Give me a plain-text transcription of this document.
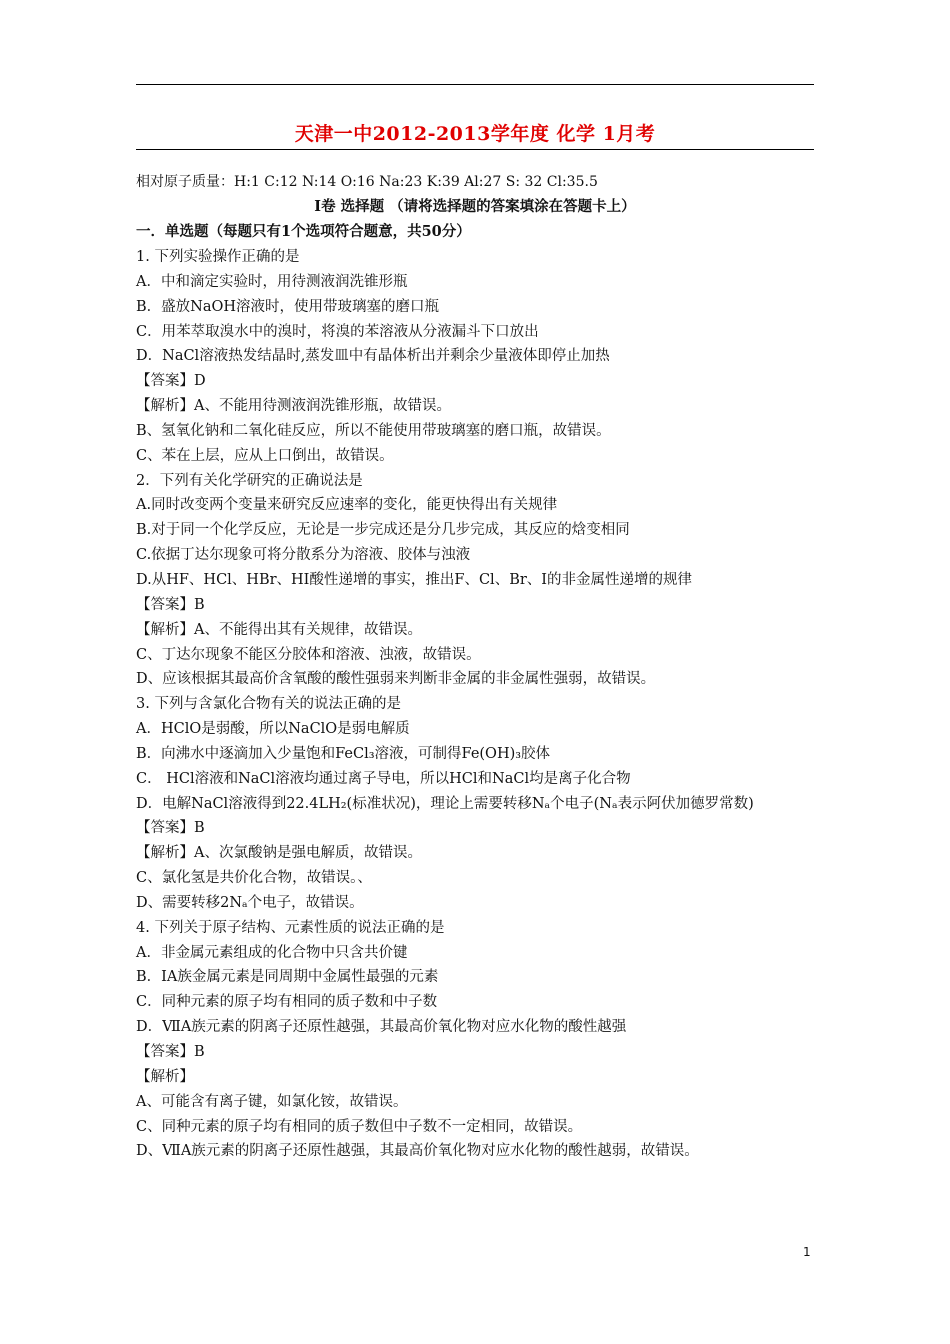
天津一中2012-2013学年度 化学 1月考
相对原子质量：H:1 C:12 N:14 O:16 Na:23 K:39 Al:27 S: 32 Cl:35.5
I卷 选择题 （请将选择题的答案填涂在答题卡上）
一．单选题（每题只有1个选项符合题意，共50分）
1. 下列实验操作正确的是
A．中和滴定实验时，用待测液润洗锥形瓶
B．盛放NaOH溶液时，使用带玻璃塞的磨口瓶
C．用苯萃取溴水中的溴时，将溴的苯溶液从分液漏斗下口放出
D．NaCl溶液热发结晶时,蒸发皿中有晶体析出并剩余少量液体即停止加热
【答案】D
【解析】A、不能用待测液润洗锥形瓶，故错误。
B、氢氧化钠和二氧化硅反应，所以不能使用带玻璃塞的磨口瓶，故错误。
C、苯在上层，应从上口倒出，故错误。
2．下列有关化学研究的正确说法是
A.同时改变两个变量来研究反应速率的变化，能更快得出有关规律
B.对于同一个化学反应，无论是一步完成还是分几步完成，其反应的焓变相同
C.依据丁达尔现象可将分散系分为溶液、胶体与浊液
D.从HF、HCl、HBr、HI酸性递增的事实，推出F、Cl、Br、I的非金属性递增的规律
【答案】B
【解析】A、不能得出其有关规律，故错误。
C、丁达尔现象不能区分胶体和溶液、浊液，故错误。
D、应该根据其最高价含氧酸的酸性强弱来判断非金属的非金属性强弱，故错误。
3. 下列与含氯化合物有关的说法正确的是
A．HClO是弱酸，所以NaClO是弱电解质
B．向沸水中逐滴加入少量饱和FeCl₃溶液，可制得Fe(OH)₃胶体
C． HCl溶液和NaCl溶液均通过离子导电，所以HCl和NaCl均是离子化合物
D．电解NaCl溶液得到22.4LH₂(标准状况)，理论上需要转移Nₐ个电子(Nₐ表示阿伏加德罗常数)
【答案】B
【解析】A、次氯酸钠是强电解质，故错误。
C、氯化氢是共价化合物，故错误。、
D、需要转移2Nₐ个电子，故错误。
4. 下列关于原子结构、元素性质的说法正确的是
A．非金属元素组成的化合物中只含共价键
B．IA族金属元素是同周期中金属性最强的元素
C．同种元素的原子均有相同的质子数和中子数
D．ⅦA族元素的阴离子还原性越强，其最高价氧化物对应水化物的酸性越强
【答案】B
【解析】
A、可能含有离子键，如氯化铵，故错误。
C、同种元素的原子均有相同的质子数但中子数不一定相同，故错误。
D、ⅦA族元素的阴离子还原性越强，其最高价氧化物对应水化物的酸性越弱，故错误。
1
